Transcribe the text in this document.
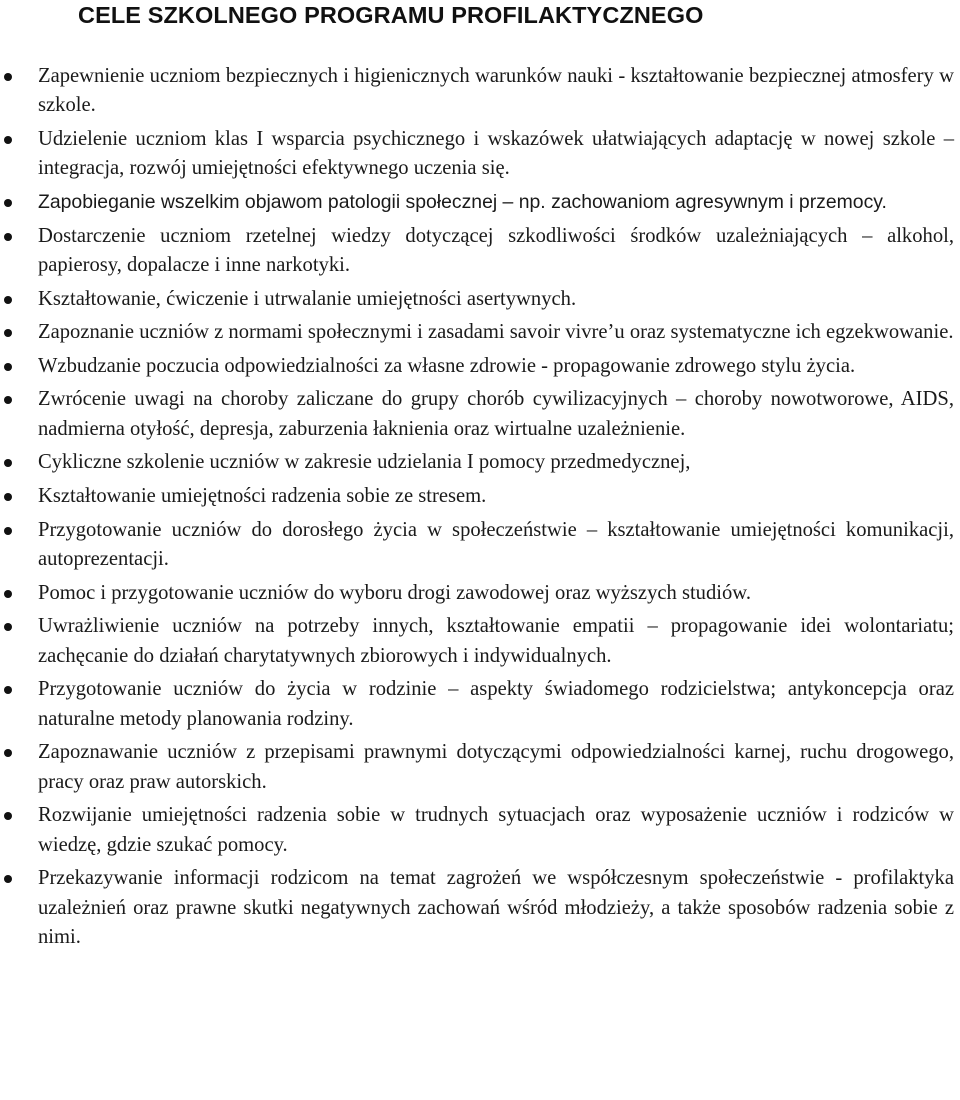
CELE SZKOLNEGO PROGRAMU PROFILAKTYCZNEGO
Zapewnienie uczniom bezpiecznych i higienicznych warunków nauki - kształtowanie bezpiecznej atmosfery w szkole.
Udzielenie uczniom klas I wsparcia psychicznego i wskazówek ułatwiających adaptację w nowej szkole – integracja, rozwój umiejętności efektywnego uczenia się.
Zapobieganie wszelkim objawom patologii społecznej – np. zachowaniom agresywnym i przemocy.
Dostarczenie uczniom rzetelnej wiedzy dotyczącej szkodliwości środków uzależniających – alkohol, papierosy, dopalacze i inne narkotyki.
Kształtowanie, ćwiczenie i utrwalanie umiejętności asertywnych.
Zapoznanie uczniów z normami społecznymi i zasadami savoir vivre’u oraz systematyczne ich egzekwowanie.
Wzbudzanie poczucia odpowiedzialności za własne zdrowie - propagowanie zdrowego stylu życia.
Zwrócenie uwagi na choroby zaliczane do grupy chorób cywilizacyjnych – choroby nowotworowe, AIDS, nadmierna otyłość, depresja, zaburzenia łaknienia oraz wirtualne uzależnienie.
Cykliczne szkolenie uczniów w zakresie udzielania I pomocy przedmedycznej,
Kształtowanie umiejętności radzenia sobie ze stresem.
Przygotowanie uczniów do dorosłego życia w społeczeństwie – kształtowanie umiejętności komunikacji, autoprezentacji.
Pomoc i przygotowanie uczniów do wyboru drogi zawodowej oraz wyższych studiów.
Uwrażliwienie uczniów na potrzeby innych, kształtowanie empatii – propagowanie idei wolontariatu; zachęcanie do działań charytatywnych zbiorowych i indywidualnych.
Przygotowanie uczniów do życia w rodzinie – aspekty świadomego rodzicielstwa; antykoncepcja oraz naturalne metody planowania rodziny.
Zapoznawanie uczniów z przepisami prawnymi dotyczącymi odpowiedzialności karnej, ruchu drogowego, pracy oraz praw autorskich.
Rozwijanie umiejętności radzenia sobie w trudnych sytuacjach oraz wyposażenie uczniów i rodziców w wiedzę, gdzie szukać pomocy.
Przekazywanie informacji rodzicom na temat zagrożeń we współczesnym społeczeństwie - profilaktyka uzależnień oraz prawne skutki negatywnych zachowań wśród młodzieży, a także sposobów radzenia sobie z nimi.
